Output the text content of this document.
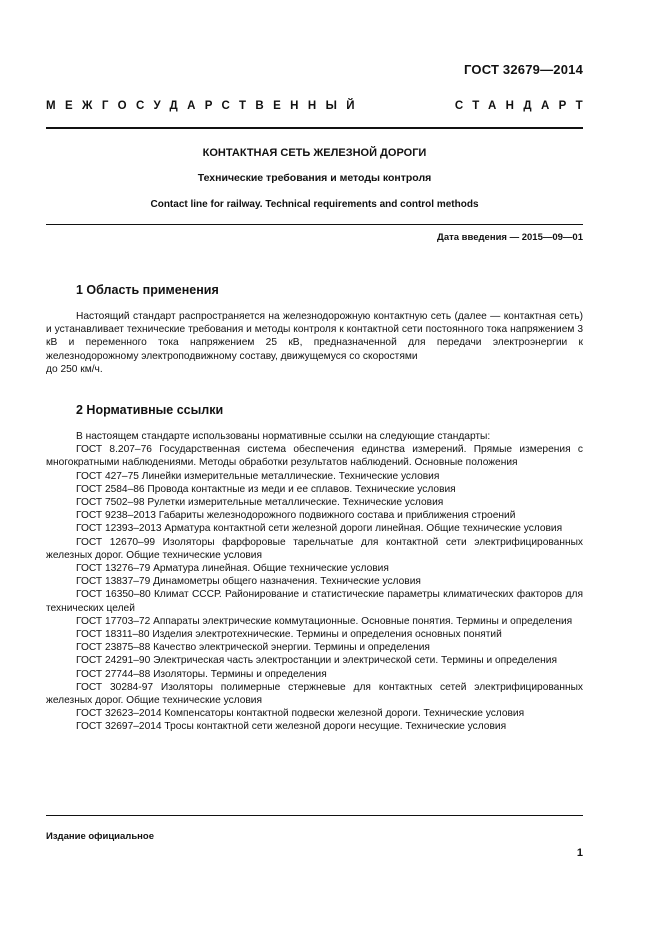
ГОСТ 32679—2014
МЕЖГОСУДАРСТВЕННЫЙ	СТАНДАРТ
КОНТАКТНАЯ СЕТЬ ЖЕЛЕЗНОЙ ДОРОГИ
Технические требования и методы контроля
Contact line for railway. Technical requirements and control methods
Дата введения — 2015—09—01
1 Область применения
Настоящий стандарт распространяется на железнодорожную контактную сеть (далее — контактная сеть) и устанавливает технические требования и методы контроля к контактной сети постоянного тока напряжением 3 кВ и переменного тока напряжением 25 кВ, предназначенной для передачи электроэнергии к железнодорожному электроподвижному составу, движущемуся со скоростями
до 250 км/ч.
2 Нормативные ссылки
В настоящем стандарте использованы нормативные ссылки на следующие стандарты:
ГОСТ 8.207–76 Государственная система обеспечения единства измерений. Прямые измерения с многократными наблюдениями. Методы обработки результатов наблюдений. Основные положения
ГОСТ 427–75 Линейки измерительные металлические. Технические условия
ГОСТ 2584–86 Провода контактные из меди и ее сплавов. Технические условия
ГОСТ 7502–98 Рулетки измерительные металлические. Технические условия
ГОСТ 9238–2013 Габариты железнодорожного подвижного состава и приближения строений
ГОСТ 12393–2013 Арматура контактной сети железной дороги линейная. Общие технические условия
ГОСТ 12670–99 Изоляторы фарфоровые тарельчатые для контактной сети электрифицированных железных дорог. Общие технические условия
ГОСТ 13276–79 Арматура линейная. Общие технические условия
ГОСТ 13837–79 Динамометры общего назначения. Технические условия
ГОСТ 16350–80 Климат СССР. Районирование и статистические параметры климатических факторов для технических целей
ГОСТ 17703–72 Аппараты электрические коммутационные. Основные понятия. Термины и определения
ГОСТ 18311–80 Изделия электротехнические. Термины и определения основных понятий
ГОСТ 23875–88 Качество электрической энергии. Термины и определения
ГОСТ 24291–90 Электрическая часть электростанции и электрической сети. Термины и определения
ГОСТ 27744–88 Изоляторы. Термины и определения
ГОСТ 30284-97 Изоляторы полимерные стержневые для контактных сетей электрифицированных железных дорог. Общие технические условия
ГОСТ 32623–2014 Компенсаторы контактной подвески железной дороги. Технические условия
ГОСТ 32697–2014 Тросы контактной сети железной дороги несущие. Технические условия
Издание официальное
1
